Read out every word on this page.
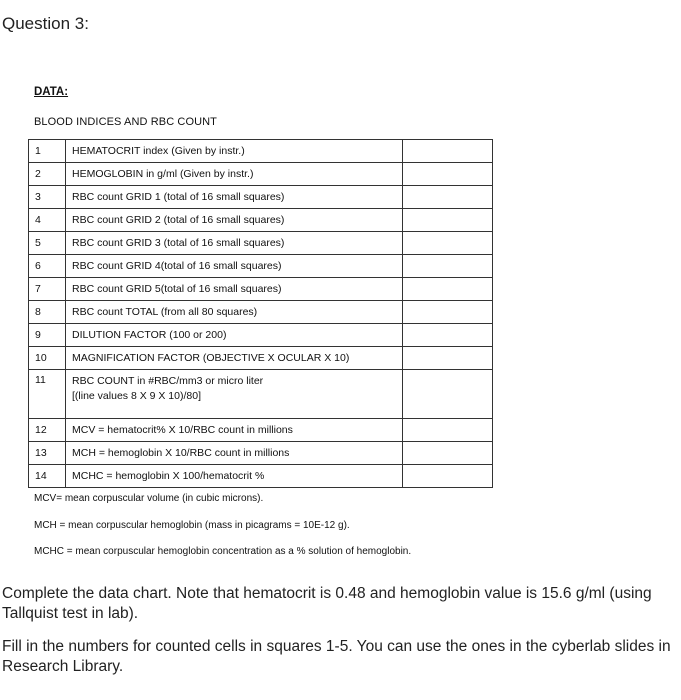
Question 3:
DATA:
BLOOD INDICES AND RBC COUNT
1	HEMATOCRIT index (Given by instr.)	
2	HEMOGLOBIN in g/ml (Given by instr.)	
3	RBC count GRID 1 (total of 16 small squares)	
4	RBC count GRID 2 (total of 16 small squares)	
5	RBC count GRID 3 (total of 16 small squares)	
6	RBC count GRID 4(total of 16 small squares)	
7	RBC count GRID 5(total of 16 small squares)	
8	RBC count TOTAL (from all 80 squares)	
9	DILUTION FACTOR (100 or 200)	
10	MAGNIFICATION FACTOR (OBJECTIVE X OCULAR X 10)	
11	RBC COUNT in #RBC/mm3 or micro liter
[(line values 8 X 9 X 10)/80]	

12	MCV = hematocrit% X 10/RBC count in millions	
13	MCH = hemoglobin X 10/RBC count in millions	
14	MCHC = hemoglobin X 100/hematocrit %	
MCV= mean corpuscular volume (in cubic microns).
MCH = mean corpuscular hemoglobin (mass in picagrams = 10E-12 g).
MCHC = mean corpuscular hemoglobin concentration as a % solution of hemoglobin.
Complete the data chart. Note that hematocrit is 0.48 and hemoglobin value is 15.6 g/ml (using Tallquist test in lab).
Fill in the numbers for counted cells in squares 1-5. You can use the ones in the cyberlab slides in Research Library.
